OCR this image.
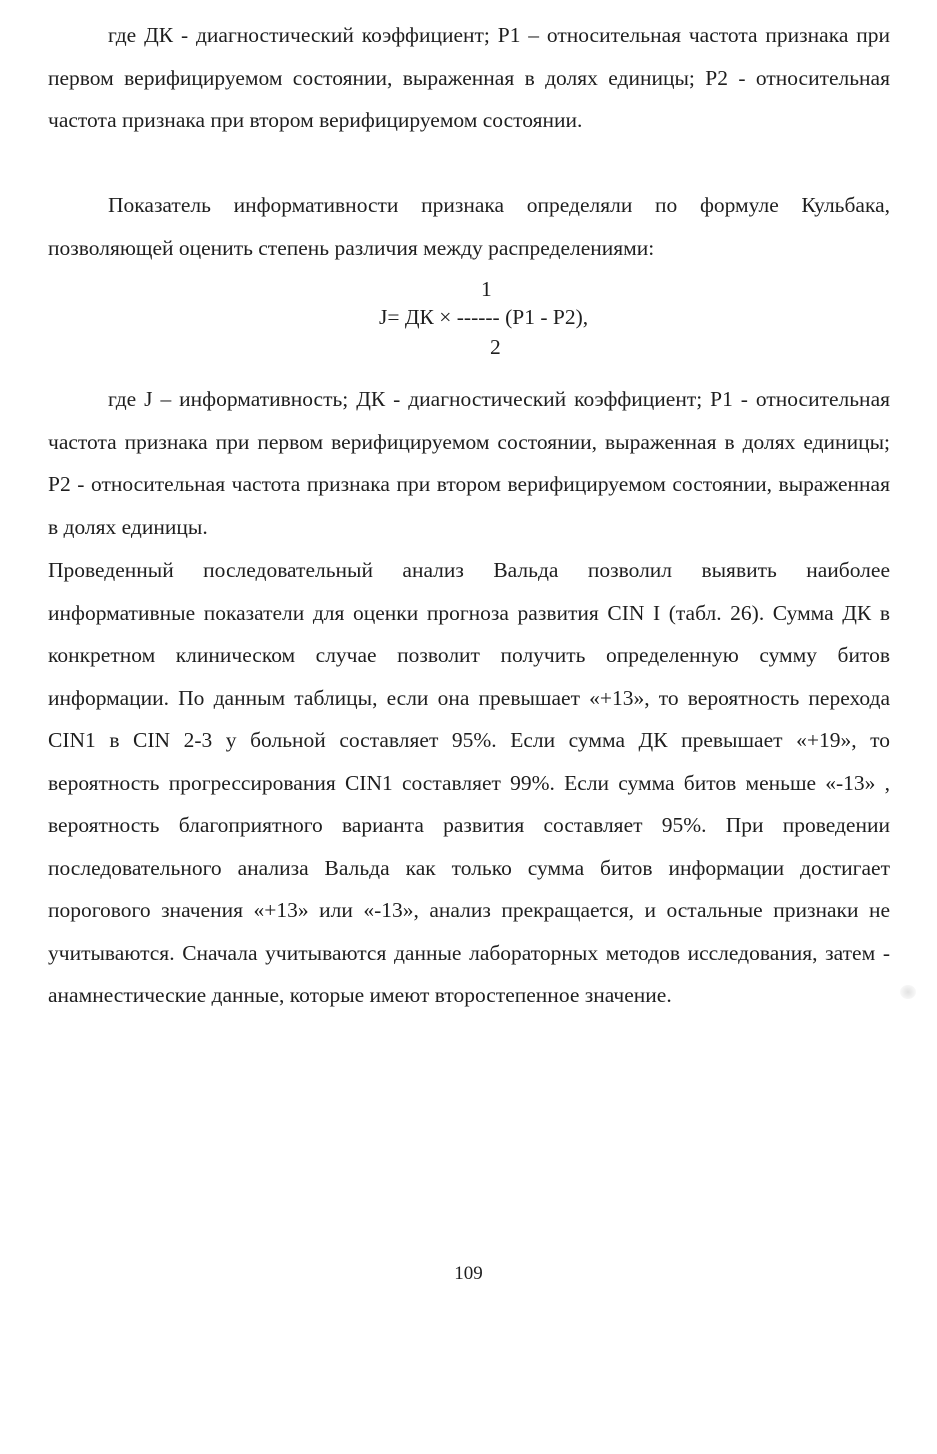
где ДК - диагностический коэффициент; P1 – относительная частота признака при первом верифицируемом состоянии, выраженная в долях единицы; P2 - относительная частота признака при втором верифицируемом состоянии.

Показатель информативности признака определяли по формуле Кульбака, позволяющей оценить степень различия между распределениями:

1
J= ДК × ------ (P1 - P2),
2

где J – информативность; ДК - диагностический коэффициент; P1 - относительная частота признака при первом верифицируемом состоянии, выраженная в долях единицы; P2 - относительная частота признака при втором верифицируемом состоянии, выраженная в долях единицы.

Проведенный последовательный анализ Вальда позволил выявить наиболее информативные показатели для оценки прогноза развития CIN I (табл. 26). Сумма ДК в конкретном клиническом случае позволит получить определенную сумму битов информации. По данным таблицы, если она превышает «+13», то вероятность перехода CIN1 в CIN 2-3 у больной составляет 95%. Если сумма ДК превышает «+19», то вероятность прогрессирования CIN1 составляет 99%. Если сумма битов меньше «-13» , вероятность благоприятного варианта развития составляет 95%. При проведении последовательного анализа Вальда как только сумма битов информации достигает порогового значения «+13» или «-13», анализ прекращается, и остальные признаки не учитываются. Сначала учитываются данные лабораторных методов исследования, затем - анамнестические данные, которые имеют второстепенное значение.

109
